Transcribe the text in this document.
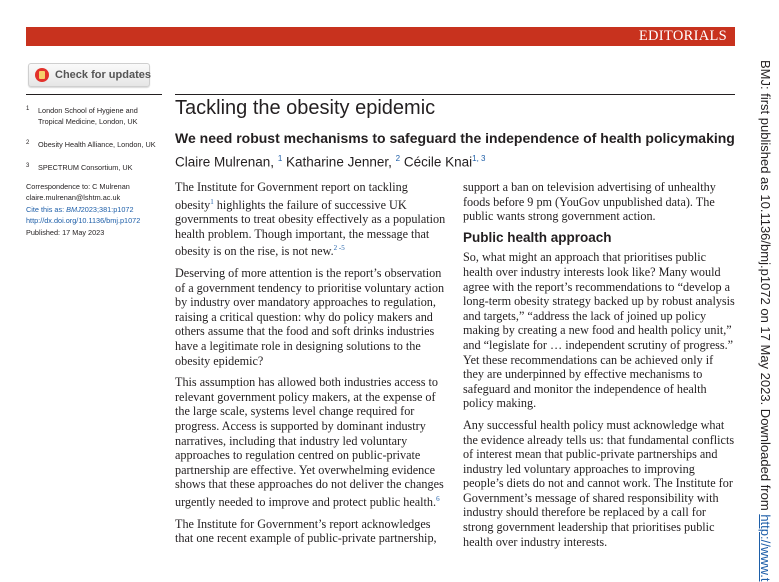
EDITORIALS
Check for updates
1 London School of Hygiene and Tropical Medicine, London, UK
2 Obesity Health Alliance, London, UK
3 SPECTRUM Consortium, UK
Correspondence to: C Mulrenan
claire.mulrenan@lshtm.ac.uk
Cite this as: BMJ2023;381:p1072
http://dx.doi.org/10.1136/bmj.p1072
Published: 17 May 2023
Tackling the obesity epidemic
We need robust mechanisms to safeguard the independence of health policymaking
Claire Mulrenan, $^1$ Katharine Jenner, $^2$ Cécile Knai$^{1, 3}$

The Institute for Government report on tackling obesity$^1$ highlights the failure of successive UK governments to treat obesity effectively as a population health problem. Though important, the message that obesity is on the rise, is not new.$^{2 -5}$

Deserving of more attention is the report’s observation of a government tendency to prioritise voluntary action by industry over mandatory approaches to regulation, raising a critical question: why do policy makers and others assume that the food and soft drinks industries have a legitimate role in designing solutions to the obesity epidemic?

This assumption has allowed both industries access to relevant government policy makers, at the expense of the large scale, systems level change required for progress. Access is supported by dominant industry narratives, including that industry led voluntary approaches to regulation centred on public-private partnership are effective. Yet overwhelming evidence shows that these approaches do not deliver the changes urgently needed to improve and protect public health.$^6$

The Institute for Government’s report acknowledges that one recent example of public-private partnership,

support a ban on television advertising of unhealthy foods before 9 pm (YouGov unpublished data). The public wants strong government action.

Public health approach

So, what might an approach that prioritises public health over industry interests look like? Many would agree with the report’s recommendations to “develop a long-term obesity strategy backed up by robust analysis and targets,” “address the lack of joined up policy making by creating a new food and health policy unit,” and “legislate for … independent scrutiny of progress.” Yet these recommendations can be achieved only if they are underpinned by effective mechanisms to safeguard and monitor the independence of health policy making.

Any successful health policy must acknowledge what the evidence already tells us: that fundamental conflicts of interest mean that public-private partnerships and industry led voluntary approaches to improving people’s diets do not and cannot work. The Institute for Government’s message of shared responsibility with industry should therefore be replaced by a call for strong government leadership that prioritises public health over industry interests.

BMJ: first published as 10.1136/bmj.p1072 on 17 May 2023. Downloaded from http://www.t
